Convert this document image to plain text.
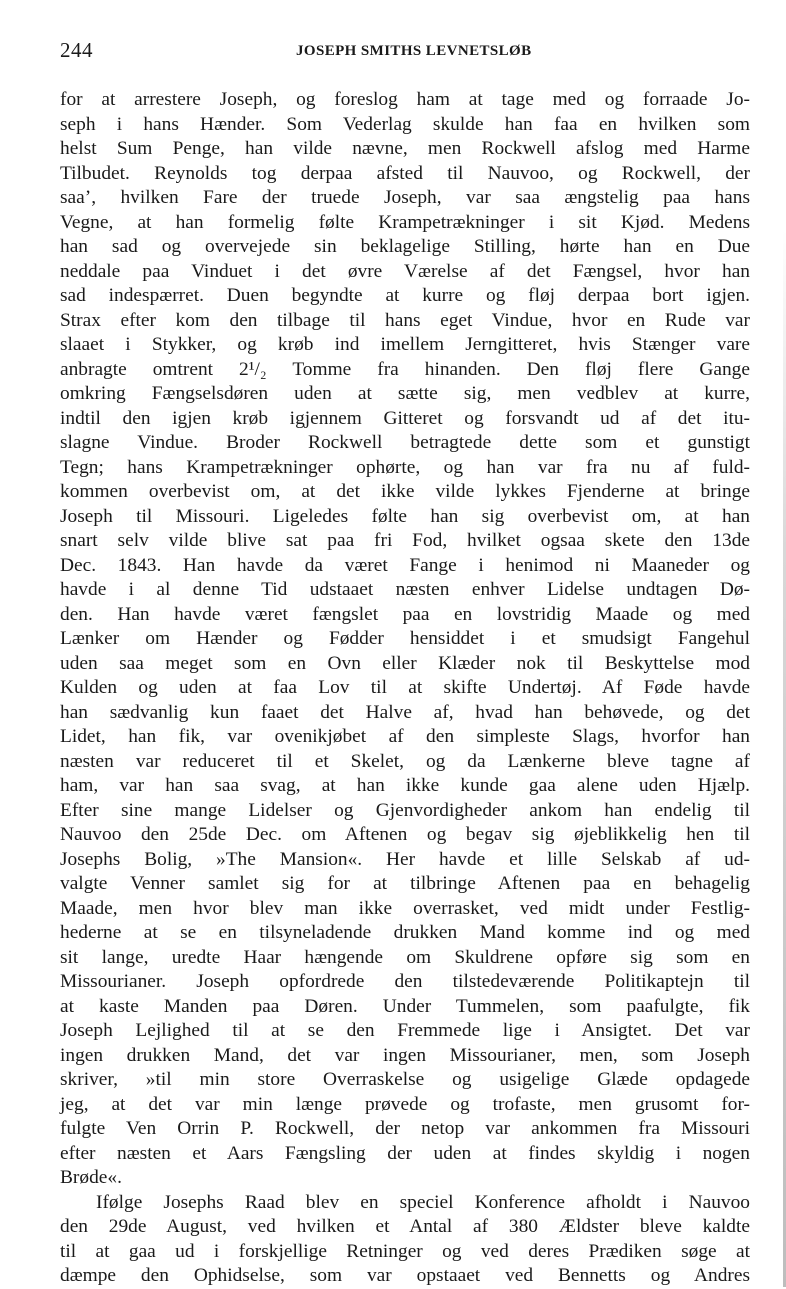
244	JOSEPH SMITHS LEVNETSLØB
for at arrestere Joseph, og foreslog ham at tage med og forraade Jo-
seph i hans Hænder. Som Vederlag skulde han faa en hvilken som
helst Sum Penge, han vilde nævne, men Rockwell afslog med Harme
Tilbudet. Reynolds tog derpaa afsted til Nauvoo, og Rockwell, der
saa’, hvilken Fare der truede Joseph, var saa ængstelig paa hans
Vegne, at han formelig følte Krampetrækninger i sit Kjød. Medens
han sad og overvejede sin beklagelige Stilling, hørte han en Due
neddale paa Vinduet i det øvre Værelse af det Fængsel, hvor han
sad indespærret. Duen begyndte at kurre og fløj derpaa bort igjen.
Strax efter kom den tilbage til hans eget Vindue, hvor en Rude var
slaaet i Stykker, og krøb ind imellem Jerngitteret, hvis Stænger vare
anbragte omtrent 2¹/₂ Tomme fra hinanden. Den fløj flere Gange
omkring Fængselsdøren uden at sætte sig, men vedblev at kurre,
indtil den igjen krøb igjennem Gitteret og forsvandt ud af det itu-
slagne Vindue. Broder Rockwell betragtede dette som et gunstigt
Tegn; hans Krampetrækninger ophørte, og han var fra nu af fuld-
kommen overbevist om, at det ikke vilde lykkes Fjenderne at bringe
Joseph til Missouri. Ligeledes følte han sig overbevist om, at han
snart selv vilde blive sat paa fri Fod, hvilket ogsaa skete den 13de
Dec. 1843. Han havde da været Fange i henimod ni Maaneder og
havde i al denne Tid udstaaet næsten enhver Lidelse undtagen Dø-
den. Han havde været fængslet paa en lovstridig Maade og med
Lænker om Hænder og Fødder hensiddet i et smudsigt Fangehul
uden saa meget som en Ovn eller Klæder nok til Beskyttelse mod
Kulden og uden at faa Lov til at skifte Undertøj. Af Føde havde
han sædvanlig kun faaet det Halve af, hvad han behøvede, og det
Lidet, han fik, var ovenikjøbet af den simpleste Slags, hvorfor han
næsten var reduceret til et Skelet, og da Lænkerne bleve tagne af
ham, var han saa svag, at han ikke kunde gaa alene uden Hjælp.
Efter sine mange Lidelser og Gjenvordigheder ankom han endelig til
Nauvoo den 25de Dec. om Aftenen og begav sig øjeblikkelig hen til
Josephs Bolig, »The Mansion«. Her havde et lille Selskab af ud-
valgte Venner samlet sig for at tilbringe Aftenen paa en behagelig
Maade, men hvor blev man ikke overrasket, ved midt under Festlig-
hederne at se en tilsyneladende drukken Mand komme ind og med
sit lange, uredte Haar hængende om Skuldrene opføre sig som en
Missourianer. Joseph opfordrede den tilstedeværende Politikaptejn til
at kaste Manden paa Døren. Under Tummelen, som paafulgte, fik
Joseph Lejlighed til at se den Fremmede lige i Ansigtet. Det var
ingen drukken Mand, det var ingen Missourianer, men, som Joseph
skriver, »til min store Overraskelse og usigelige Glæde opdagede
jeg, at det var min længe prøvede og trofaste, men grusomt for-
fulgte Ven Orrin P. Rockwell, der netop var ankommen fra Missouri
efter næsten et Aars Fængsling der uden at findes skyldig i nogen
Brøde«.
Ifølge Josephs Raad blev en speciel Konference afholdt i Nauvoo
den 29de August, ved hvilken et Antal af 380 Ældster bleve kaldte
til at gaa ud i forskjellige Retninger og ved deres Prædiken søge at
dæmpe den Ophidselse, som var opstaaet ved Bennetts og Andres
